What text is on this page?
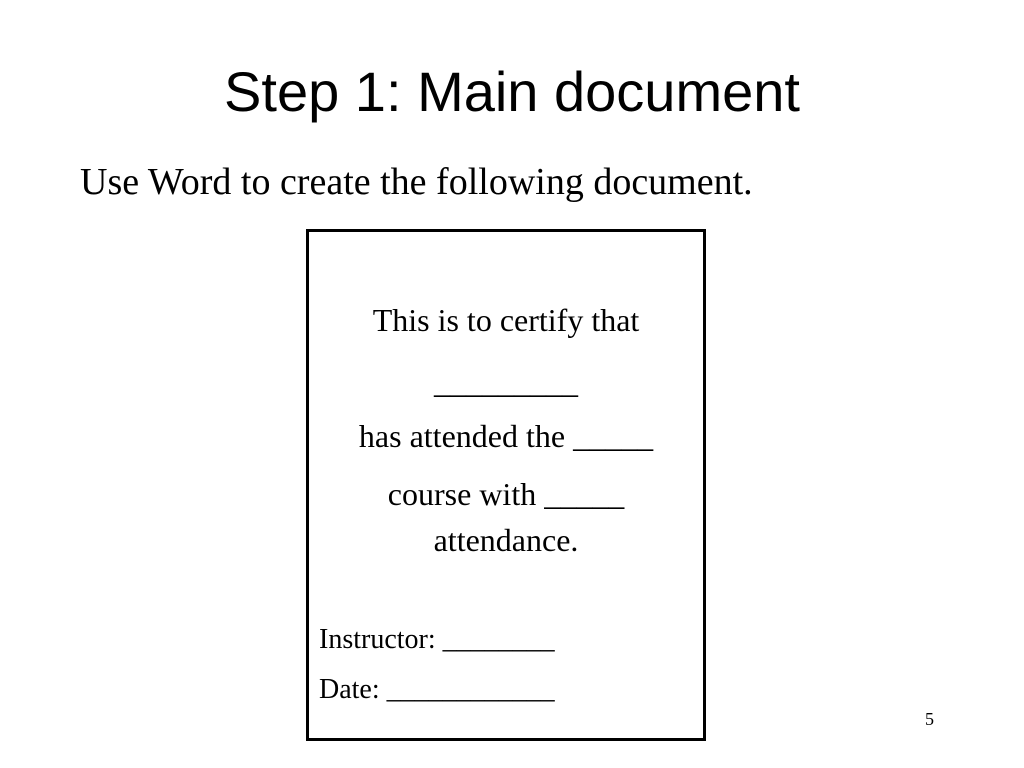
Step 1: Main document

Use Word to create the following document.

This is to certify that

_________

has attended the _____

course with _____

attendance.

Instructor: ________

Date: ____________

5
